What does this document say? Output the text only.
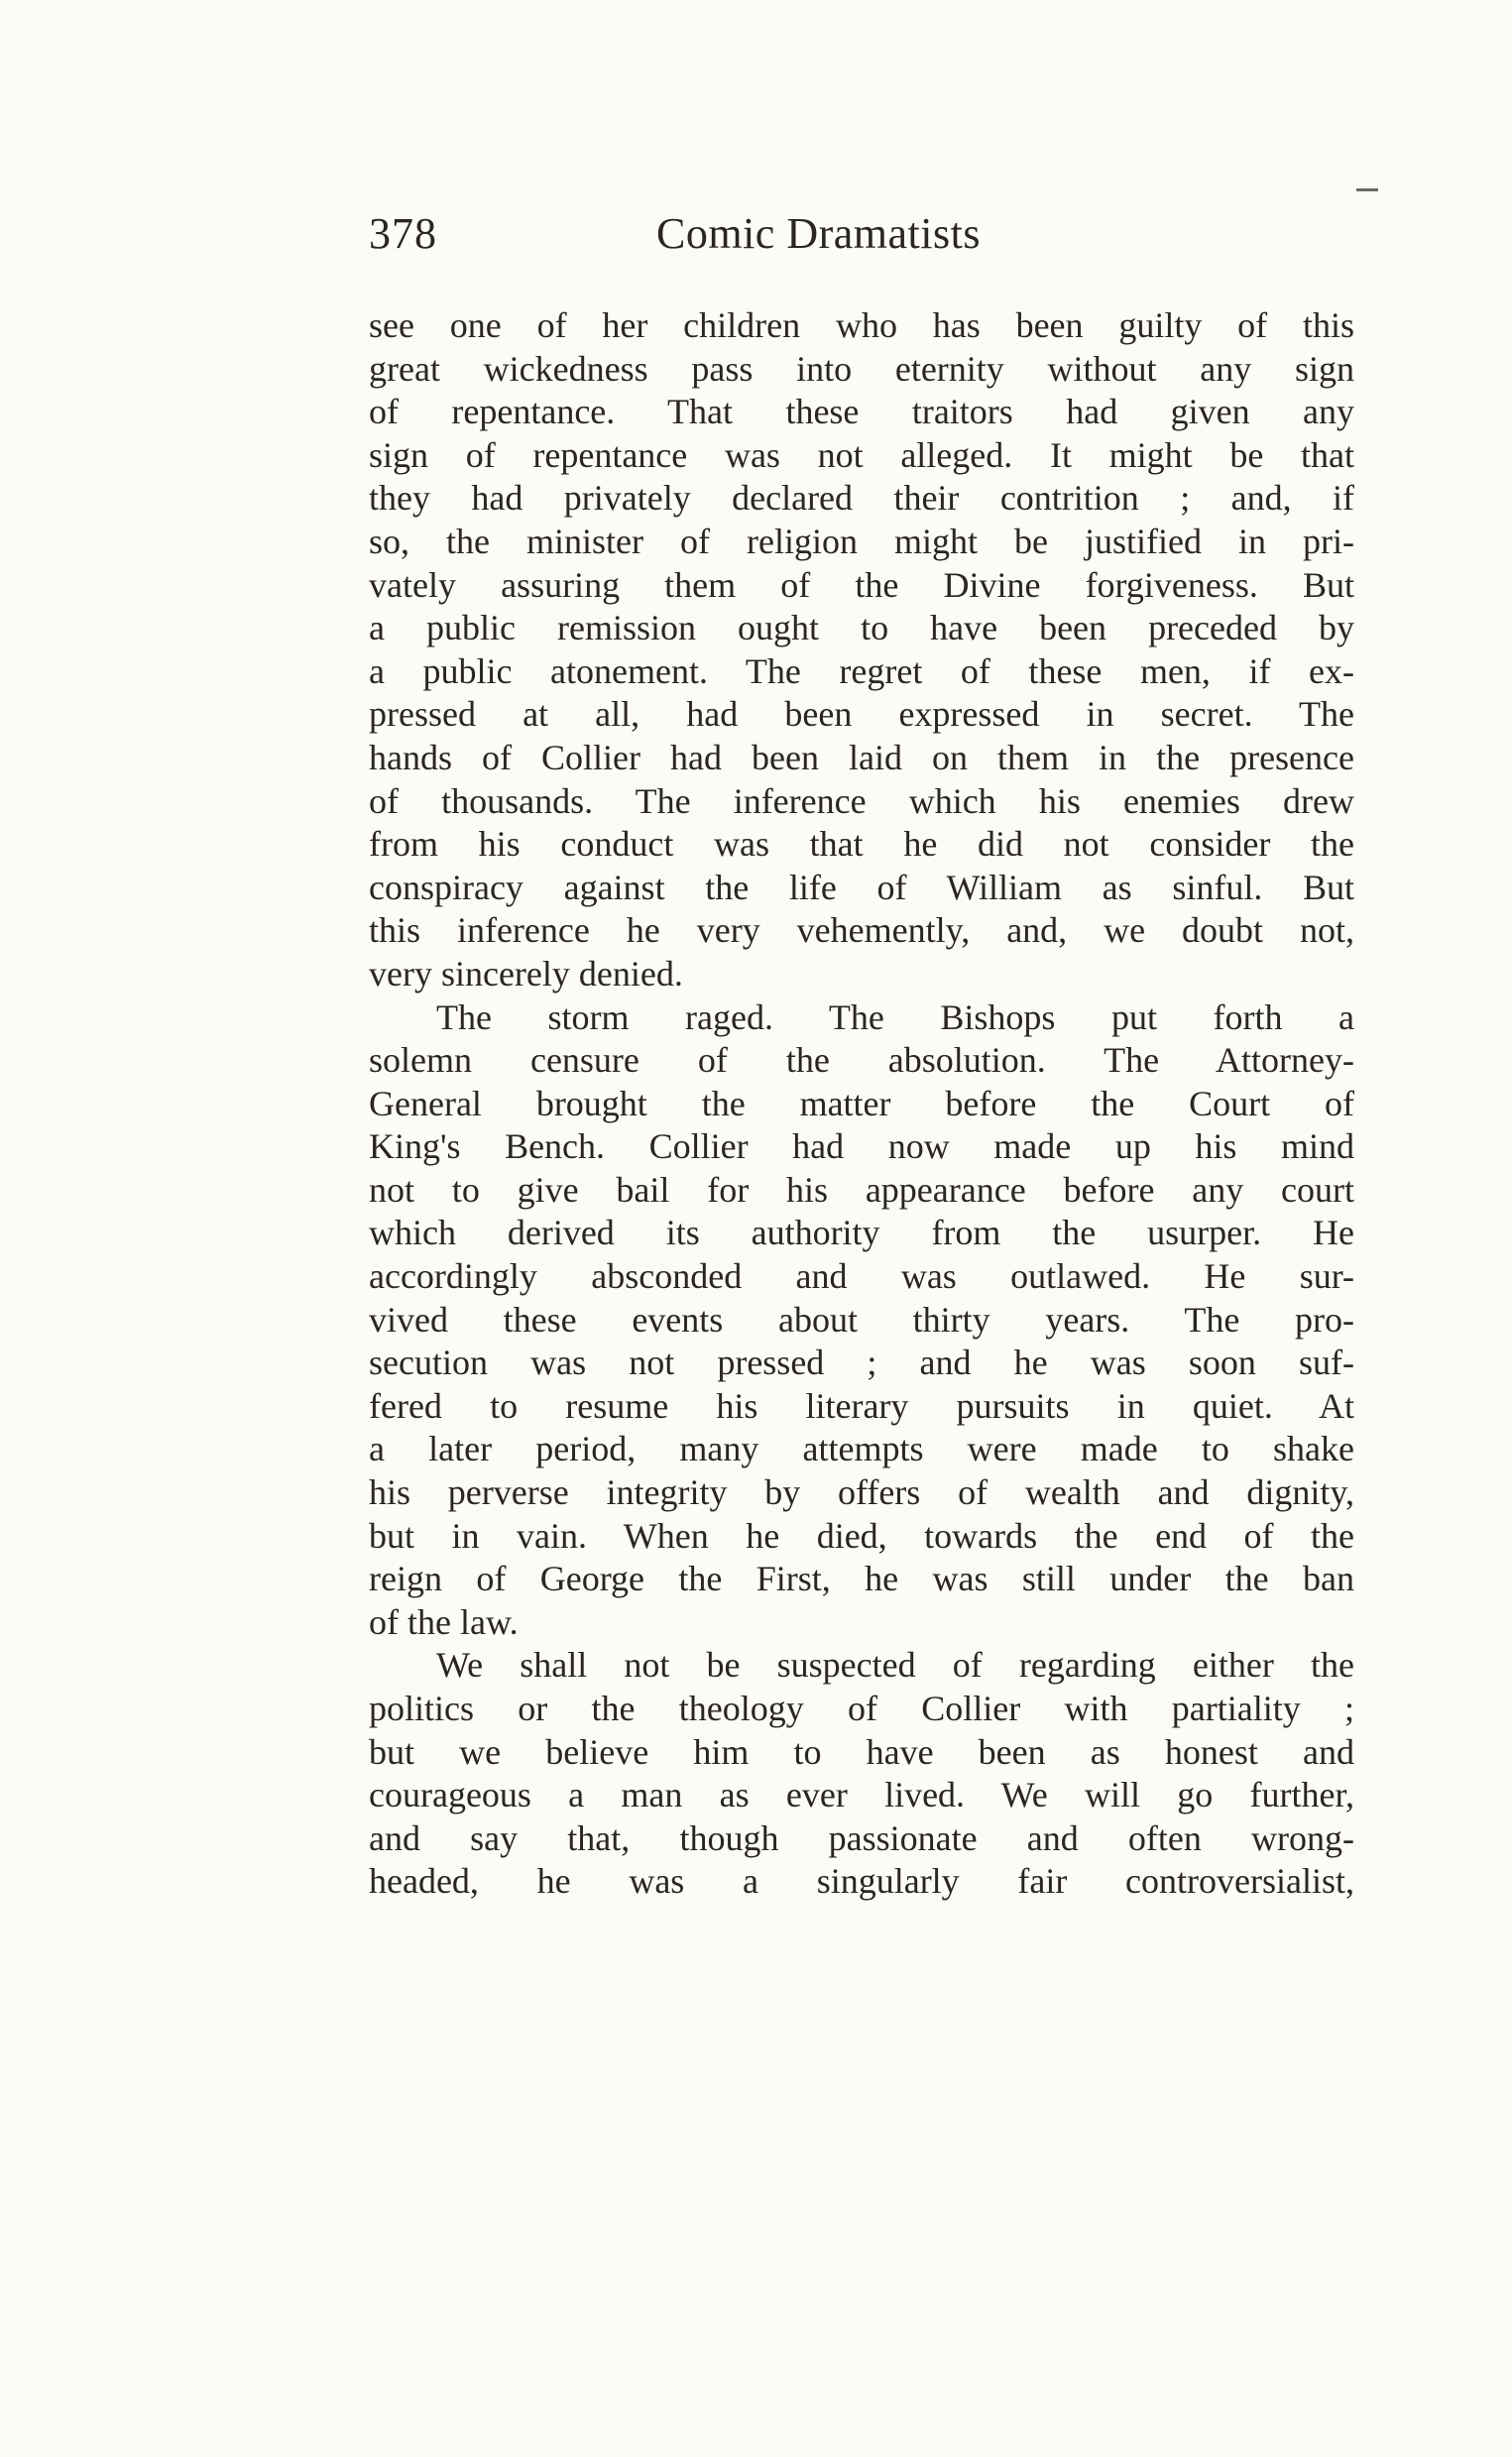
378	Comic Dramatists
see one of her children who has been guilty of this
great wickedness pass into eternity without any sign
of repentance. That these traitors had given any
sign of repentance was not alleged. It might be that
they had privately declared their contrition ; and, if
so, the minister of religion might be justified in pri-
vately assuring them of the Divine forgiveness. But
a public remission ought to have been preceded by
a public atonement. The regret of these men, if ex-
pressed at all, had been expressed in secret. The
hands of Collier had been laid on them in the presence
of thousands. The inference which his enemies drew
from his conduct was that he did not consider the
conspiracy against the life of William as sinful. But
this inference he very vehemently, and, we doubt not,
very sincerely denied.
The storm raged. The Bishops put forth a
solemn censure of the absolution. The Attorney-
General brought the matter before the Court of
King's Bench. Collier had now made up his mind
not to give bail for his appearance before any court
which derived its authority from the usurper. He
accordingly absconded and was outlawed. He sur-
vived these events about thirty years. The pro-
secution was not pressed ; and he was soon suf-
fered to resume his literary pursuits in quiet. At
a later period, many attempts were made to shake
his perverse integrity by offers of wealth and dignity,
but in vain. When he died, towards the end of the
reign of George the First, he was still under the ban
of the law.
We shall not be suspected of regarding either the
politics or the theology of Collier with partiality ;
but we believe him to have been as honest and
courageous a man as ever lived. We will go further,
and say that, though passionate and often wrong-
headed, he was a singularly fair controversialist,
